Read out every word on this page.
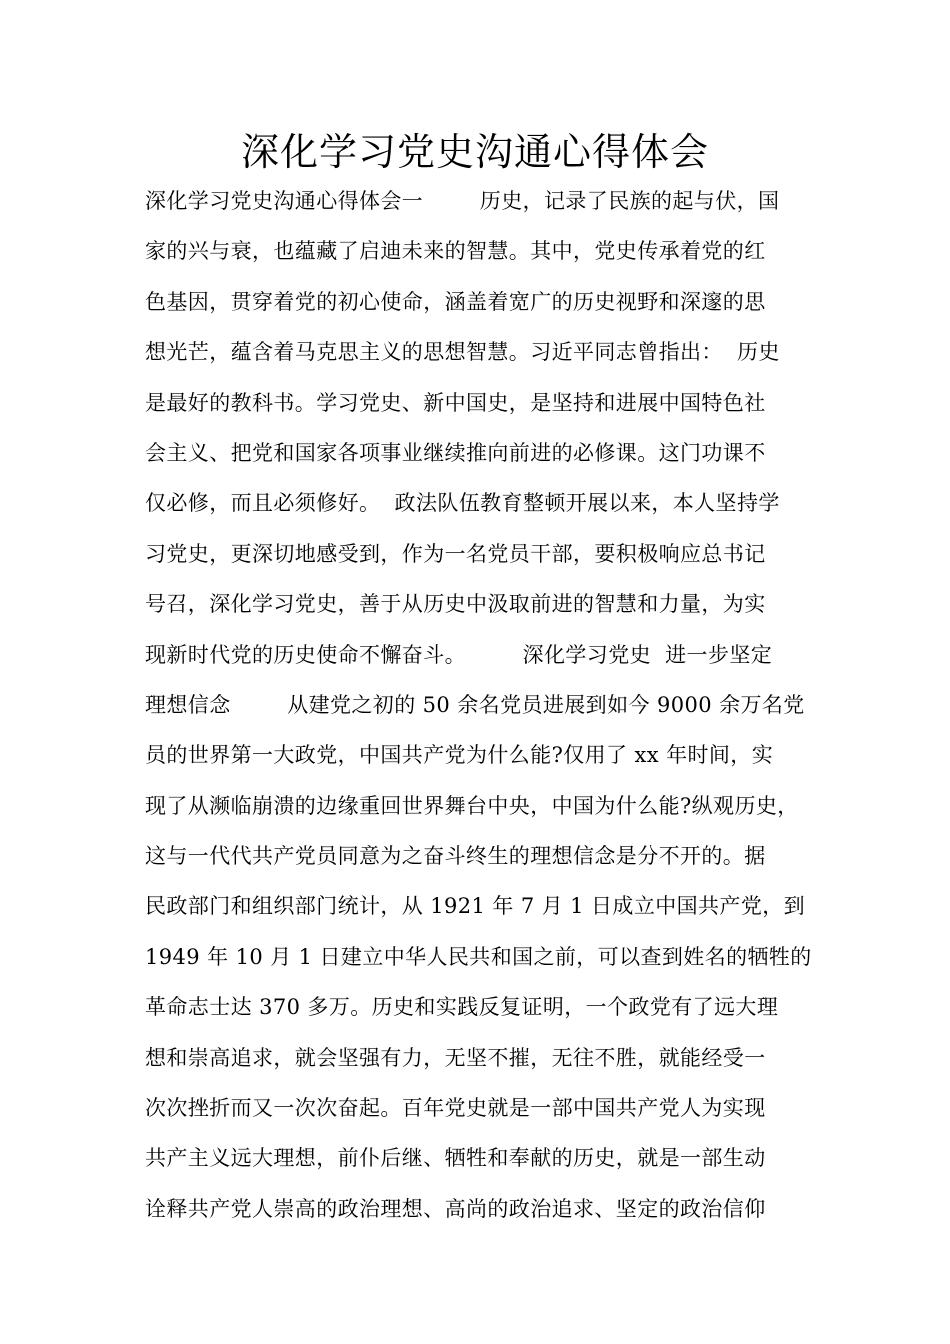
深化学习党史沟通心得体会
深化学习党史沟通心得体会一        历史，记录了民族的起与伏，国
家的兴与衰，也蕴藏了启迪未来的智慧。其中，党史传承着党的红
色基因，贯穿着党的初心使命，涵盖着宽广的历史视野和深邃的思
想光芒，蕴含着马克思主义的思想智慧。习近平同志曾指出：  历史
是最好的教科书。学习党史、新中国史，是坚持和进展中国特色社
会主义、把党和国家各项事业继续推向前进的必修课。这门功课不
仅必修，而且必须修好。  政法队伍教育整顿开展以来，本人坚持学
习党史，更深切地感受到，作为一名党员干部，要积极响应总书记
号召，深化学习党史，善于从历史中汲取前进的智慧和力量，为实
现新时代党的历史使命不懈奋斗。        深化学习党史  进一步坚定
理想信念        从建党之初的 50 余名党员进展到如今 9000 余万名党
员的世界第一大政党，中国共产党为什么能?仅用了 xx 年时间，实
现了从濒临崩溃的边缘重回世界舞台中央，中国为什么能?纵观历史，
这与一代代共产党员同意为之奋斗终生的理想信念是分不开的。据
民政部门和组织部门统计，从 1921 年 7 月 1 日成立中国共产党，到
1949 年 10 月 1 日建立中华人民共和国之前，可以查到姓名的牺牲的
革命志士达 370 多万。历史和实践反复证明，一个政党有了远大理
想和崇高追求，就会坚强有力，无坚不摧，无往不胜，就能经受一
次次挫折而又一次次奋起。百年党史就是一部中国共产党人为实现
共产主义远大理想，前仆后继、牺牲和奉献的历史，就是一部生动
诠释共产党人崇高的政治理想、高尚的政治追求、坚定的政治信仰
